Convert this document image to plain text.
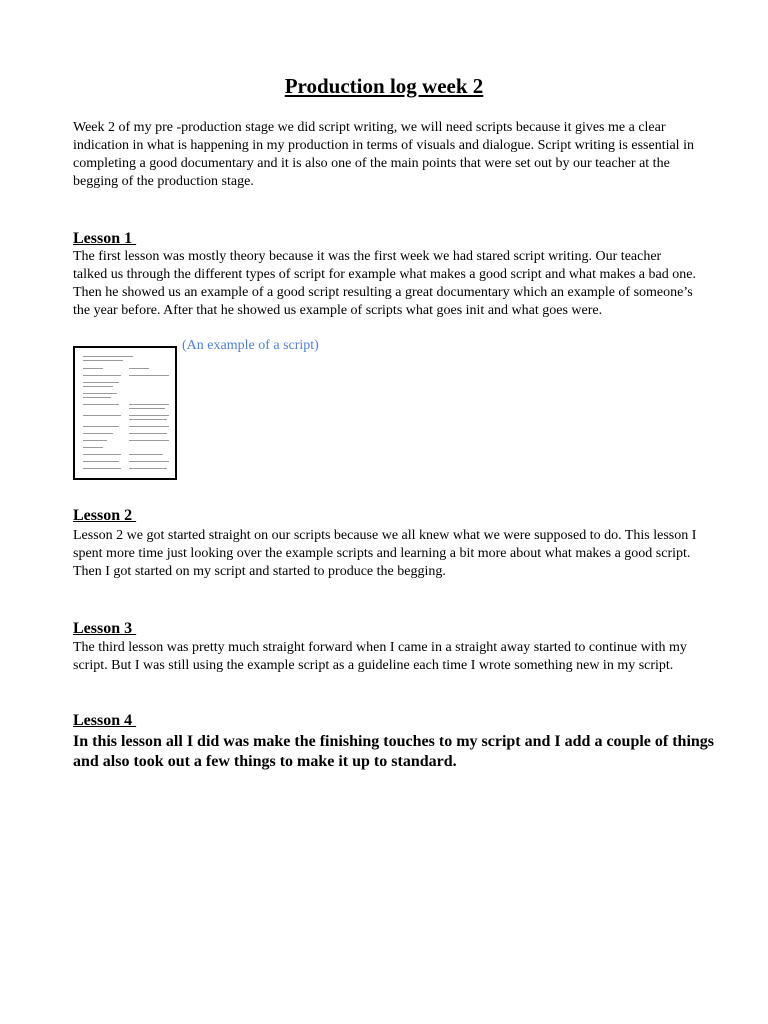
Production log week 2

Week 2 of my pre -production stage we did script writing, we will need scripts because it gives me a clear indication in what is happening in my production in terms of visuals and dialogue. Script writing is essential in completing a good documentary and it is also one of the main points that were set out by our teacher at the begging of the production stage.

Lesson 1

The first lesson was mostly theory because it was the first week we had stared script writing. Our teacher talked us through the different types of script for example what makes a good script and what makes a bad one. Then he showed us an example of a good script resulting a great documentary which an example of someone’s the year before. After that he showed us example of scripts what goes init and what goes were.

(An example of a script)

Lesson 2

Lesson 2 we got started straight on our scripts because we all knew what we were supposed to do. This lesson I spent more time just looking over the example scripts and learning a bit more about what makes a good script. Then I got started on my script and started to produce the begging.

Lesson 3

The third lesson was pretty much straight forward when I came in a straight away started to continue with my script. But I was still using the example script as a guideline each time I wrote something new in my script.

Lesson 4

In this lesson all I did was make the finishing touches to my script and I add a couple of things and also took out a few things to make it up to standard.
